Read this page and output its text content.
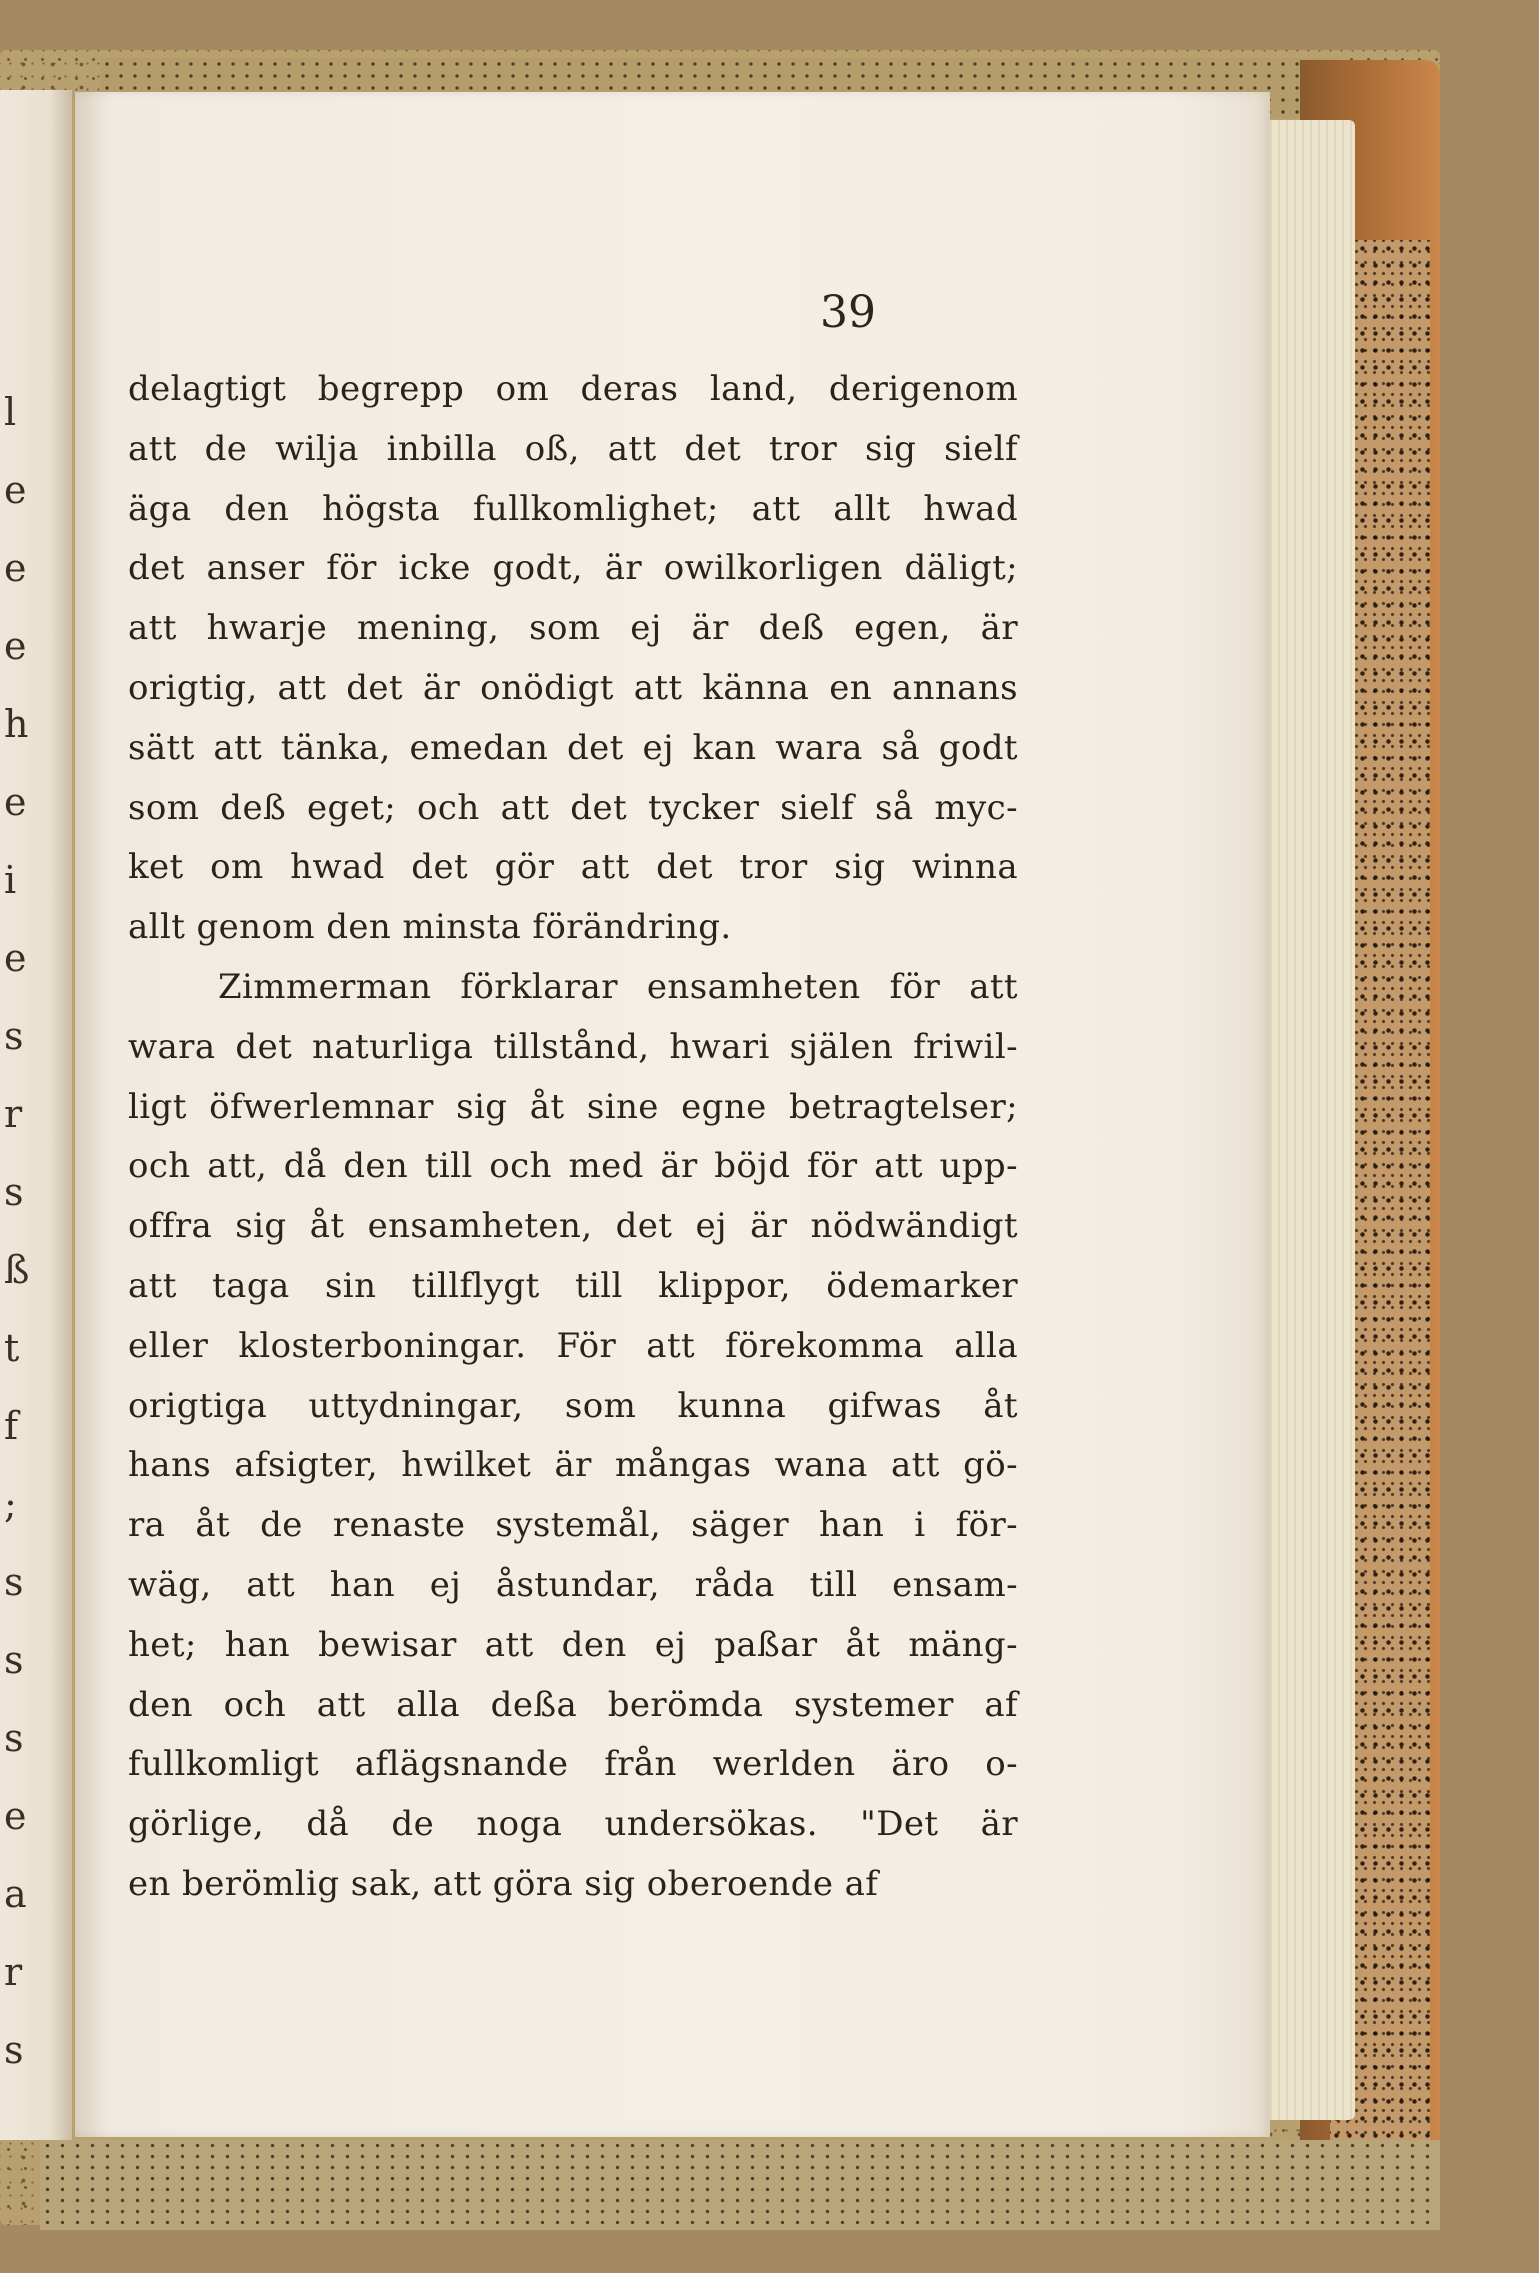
l
e
e
e
h
e
i
e
s
r
s
ß
t
f
;
s
s
s
e
a
r
s
39
delagtigt begrepp om deras land, derigenom
att de wilja inbilla oß, att det tror sig sielf
äga den högsta fullkomlighet; att allt hwad
det anser för icke godt, är owilkorligen däligt;
att hwarje mening, som ej är deß egen, är
origtig, att det är onödigt att känna en annans
sätt att tänka, emedan det ej kan wara så godt
som deß eget; och att det tycker sielf så myc-
ket om hwad det gör att det tror sig winna
allt genom den minsta förändring.
Zimmerman förklarar ensamheten för att
wara det naturliga tillstånd, hwari själen friwil-
ligt öfwerlemnar sig åt sine egne betragtelser;
och att, då den till och med är böjd för att upp-
offra sig åt ensamheten, det ej är nödwändigt
att taga sin tillflygt till klippor, ödemarker
eller klosterboningar. För att förekomma alla
origtiga uttydningar, som kunna gifwas åt
hans afsigter, hwilket är mångas wana att gö-
ra åt de renaste systemål, säger han i för-
wäg, att han ej åstundar, råda till ensam-
het; han bewisar att den ej paßar åt mäng-
den och att alla deßa berömda systemer af
fullkomligt aflägsnande från werlden äro o-
görlige, då de noga undersökas. "Det är
en berömlig sak, att göra sig oberoende af
